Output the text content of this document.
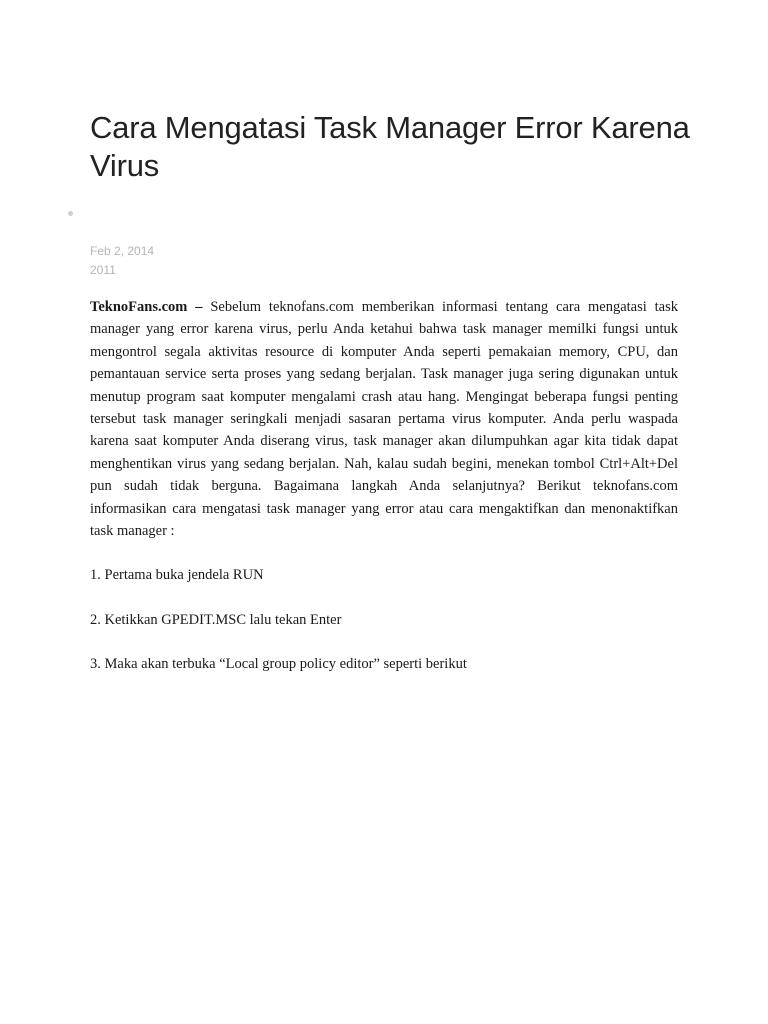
Cara Mengatasi Task Manager Error Karena Virus
Feb 2, 2014
2011

TeknoFans.com – Sebelum teknofans.com memberikan informasi tentang cara mengatasi task manager yang error karena virus, perlu Anda ketahui bahwa task manager memilki fungsi untuk mengontrol segala aktivitas resource di komputer Anda seperti pemakaian memory, CPU, dan pemantauan service serta proses yang sedang berjalan. Task manager juga sering digunakan untuk menutup program saat komputer mengalami crash atau hang. Mengingat beberapa fungsi penting tersebut task manager seringkali menjadi sasaran pertama virus komputer. Anda perlu waspada karena saat komputer Anda diserang virus, task manager akan dilumpuhkan agar kita tidak dapat menghentikan virus yang sedang berjalan. Nah, kalau sudah begini, menekan tombol Ctrl+Alt+Del pun sudah tidak berguna. Bagaimana langkah Anda selanjutnya? Berikut teknofans.com informasikan cara mengatasi task manager yang error atau cara mengaktifkan dan menonaktifkan task manager :

1. Pertama buka jendela RUN

2. Ketikkan GPEDIT.MSC lalu tekan Enter

3. Maka akan terbuka “Local group policy editor” seperti berikut
